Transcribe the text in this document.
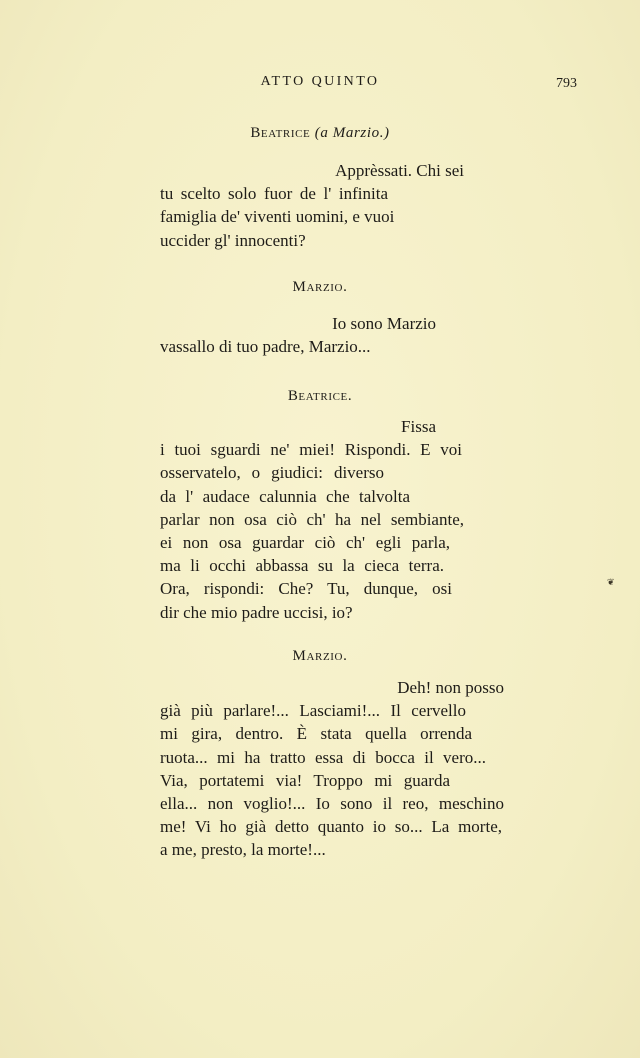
ATTO QUINTO	793
Beatrice (a Marzio.)
Apprèssati. Chi sei
tu scelto solo fuor de l' infinita
famiglia de' viventi uomini, e vuoi
uccider gl' innocenti?
Marzio.
Io sono Marzio
vassallo di tuo padre, Marzio...
Beatrice.
Fissa
i tuoi sguardi ne' miei! Rispondi. E voi
osservatelo, o giudici: diverso
da l' audace calunnia che talvolta
parlar non osa ciò ch' ha nel sembiante,
ei non osa guardar ciò ch' egli parla,
ma li occhi abbassa su la cieca terra.
Ora, rispondi: Che? Tu, dunque, osi
dir che mio padre uccisi, io?
❦
Marzio.
Deh! non posso
già più parlare!... Lasciami!... Il cervello
mi gira, dentro. È stata quella orrenda
ruota... mi ha tratto essa di bocca il vero...
Via, portatemi via! Troppo mi guarda
ella... non voglio!... Io sono il reo, meschino
me! Vi ho già detto quanto io so... La morte,
a me, presto, la morte!...
